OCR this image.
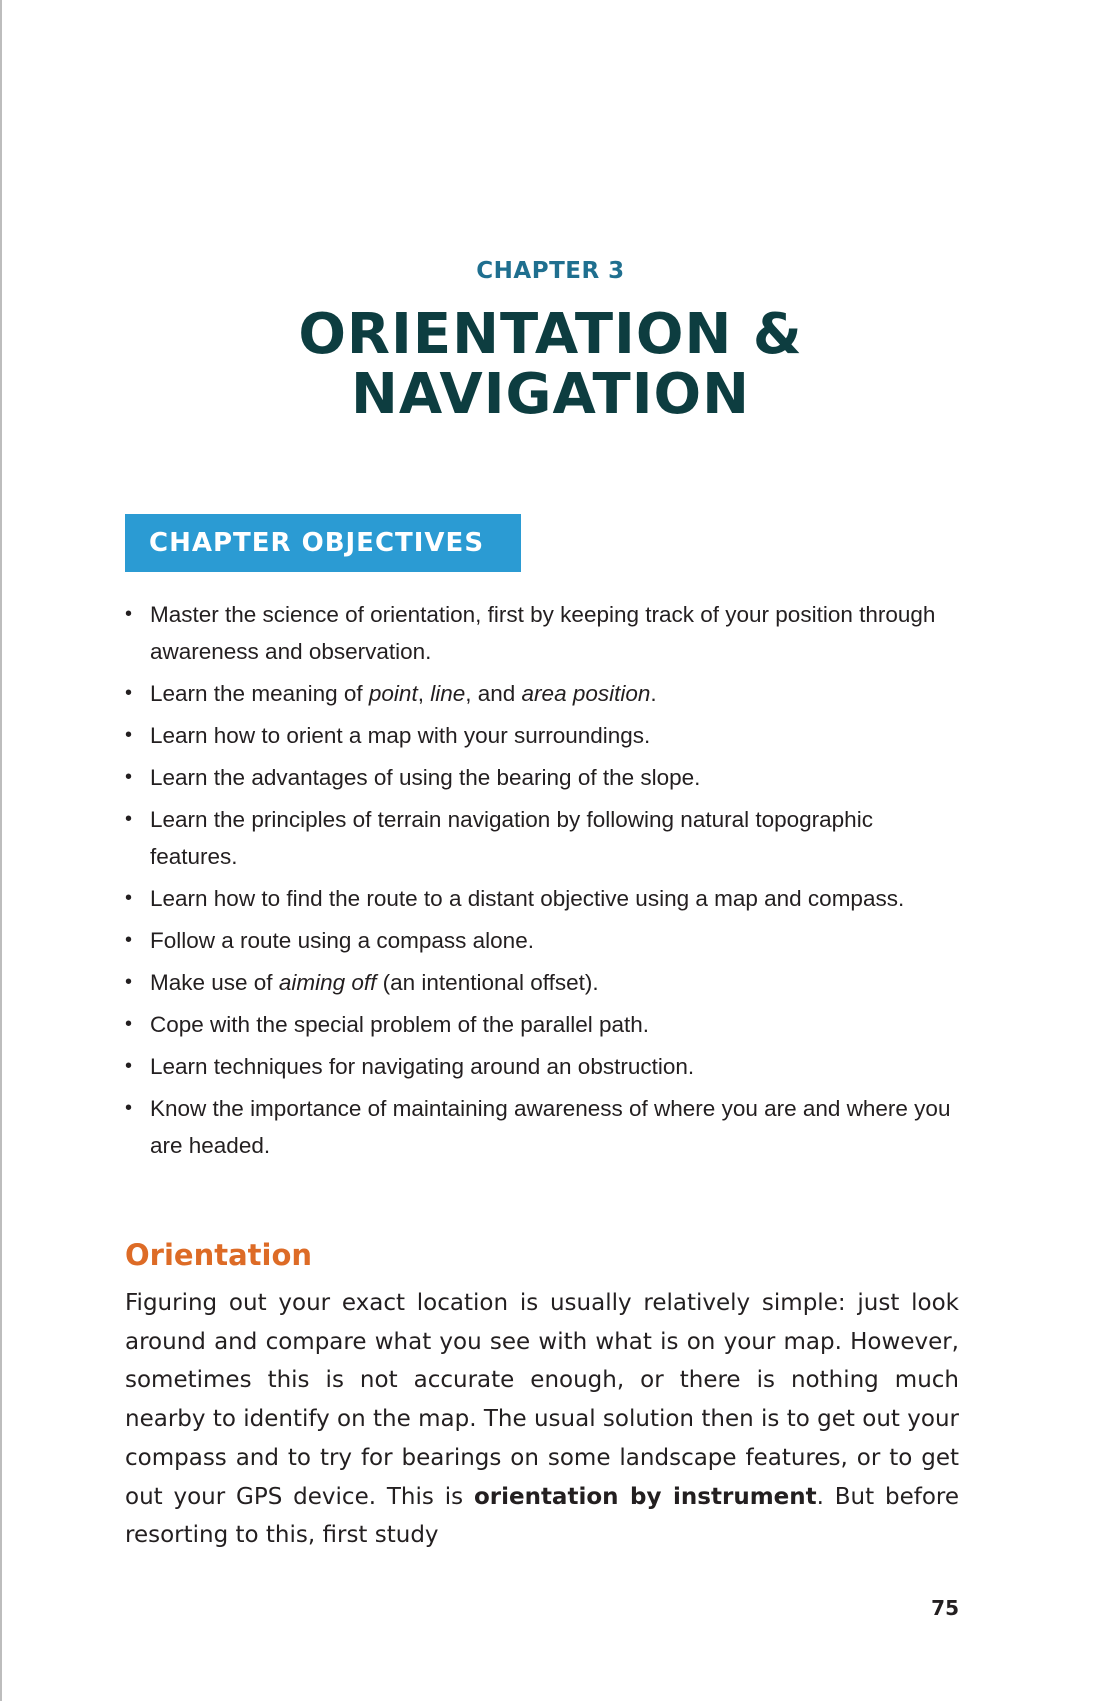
CHAPTER 3
ORIENTATION &
NAVIGATION
CHAPTER OBJECTIVES
• Master the science of orientation, first by keeping track of your position through awareness and observation.
• Learn the meaning of point, line, and area position.
• Learn how to orient a map with your surroundings.
• Learn the advantages of using the bearing of the slope.
• Learn the principles of terrain navigation by following natural topographic features.
• Learn how to find the route to a distant objective using a map and compass.
• Follow a route using a compass alone.
• Make use of aiming off (an intentional offset).
• Cope with the special problem of the parallel path.
• Learn techniques for navigating around an obstruction.
• Know the importance of maintaining awareness of where you are and where you are headed.
Orientation

Figuring out your exact location is usually relatively simple: just look around and compare what you see with what is on your map. However, sometimes this is not accurate enough, or there is nothing much nearby to identify on the map. The usual solution then is to get out your compass and to try for bearings on some landscape features, or to get out your GPS device. This is orientation by instrument. But before resorting to this, first study

75
